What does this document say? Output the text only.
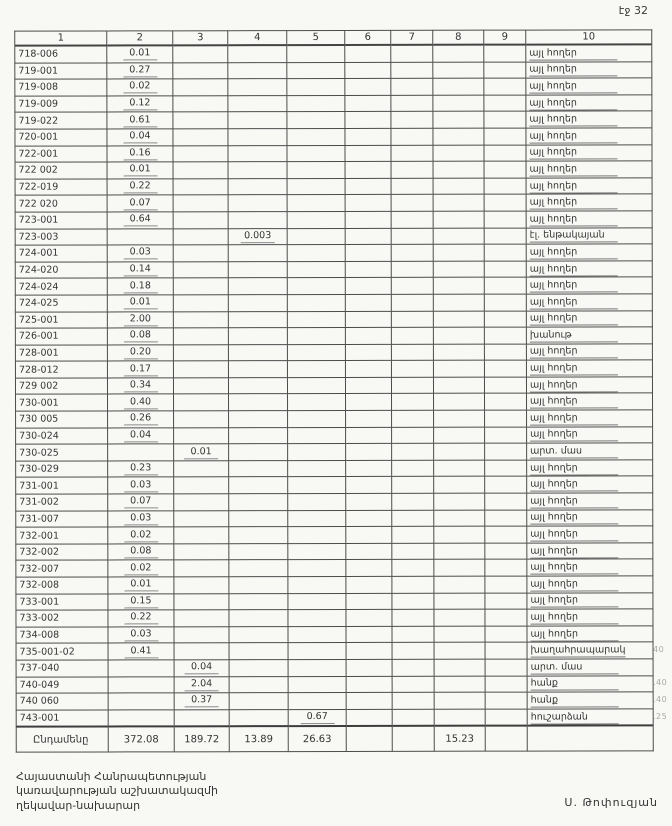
էջ 32
1	2	3	4	5	6	7	8	9	10
718-006	0.01								այլ հողեր
719-001	0.27								այլ հողեր
719-008	0.02								այլ հողեր
719-009	0.12								այլ հողեր
719-022	0.61								այլ հողեր
720-001	0.04								այլ հողեր
722-001	0.16								այլ հողեր
722 002	0.01								այլ հողեր
722-019	0.22								այլ հողեր
722 020	0.07								այլ հողեր
723-001	0.64								այլ հողեր
723-003			0.003						էլ. ենթակայան
724-001	0.03								այլ հողեր
724-020	0.14								այլ հողեր
724-024	0.18								այլ հողեր
724-025	0.01								այլ հողեր
725-001	2.00								այլ հողեր
726-001	0.08								խանութ
728-001	0.20								այլ հողեր
728-012	0.17								այլ հողեր
729 002	0.34								այլ հողեր
730-001	0.40								այլ հողեր
730 005	0.26								այլ հողեր
730-024	0.04								այլ հողեր
730-025		0.01							արտ. մաս
730-029	0.23								այլ հողեր
731-001	0.03								այլ հողեր
731-002	0.07								այլ հողեր
731-007	0.03								այլ հողեր
732-001	0.02								այլ հողեր
732-002	0.08								այլ հողեր
732-007	0.02								այլ հողեր
732-008	0.01								այլ հողեր
733-001	0.15								այլ հողեր
733-002	0.22								այլ հողեր
734-008	0.03								այլ հողեր
735-001-02	0.41								խաղահրապարակ
737-040		0.04							արտ. մաս
740-049		2.04							հանք
740 060		0.37							հանք
743-001				0.67					հուշարձան
Ընդամենը	372.08	189.72	13.89	26.63			15.23		
Հայաստանի Հանրապետության
կառավարության աշխատակազմի
ղեկավար-նախարար	Ս. Թոփուզյան
40
.40
.40
.25
